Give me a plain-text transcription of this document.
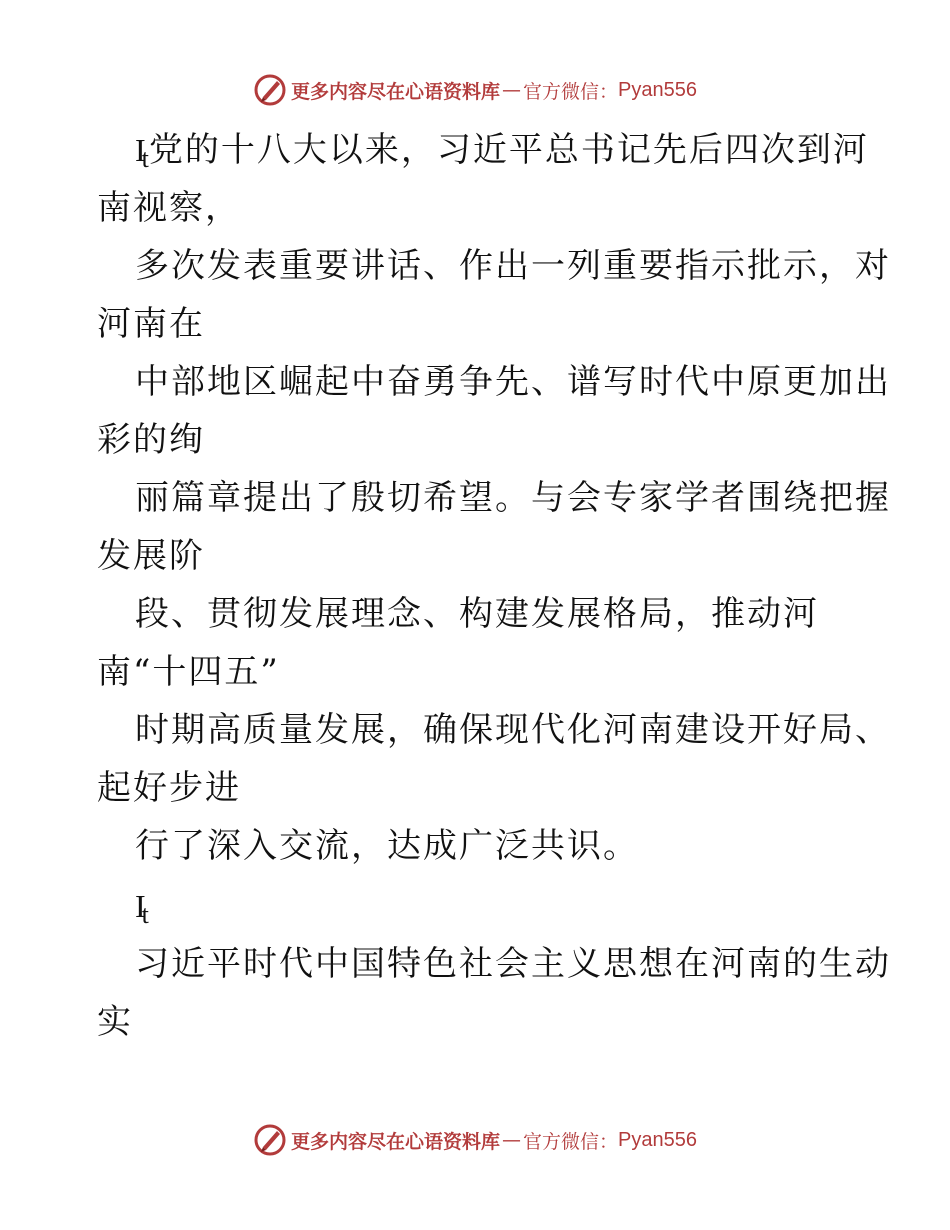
更多内容尽在心语资料库 — 官方微信： Pyan556
It 党的十八大以来，习近平总书记先后四次到河
南视察，
多次发表重要讲话、作出一列重要指示批示，对
河南在
中部地区崛起中奋勇争先、谱写时代中原更加出
彩的绚
丽篇章提出了殷切希望。与会专家学者围绕把握
发展阶
段、贯彻发展理念、构建发展格局，推动河
南“十四五”
时期高质量发展，确保现代化河南建设开好局、
起好步进
行了深入交流，达成广泛共识。
It
习近平时代中国特色社会主义思想在河南的生动
实
更多内容尽在心语资料库 — 官方微信： Pyan556
